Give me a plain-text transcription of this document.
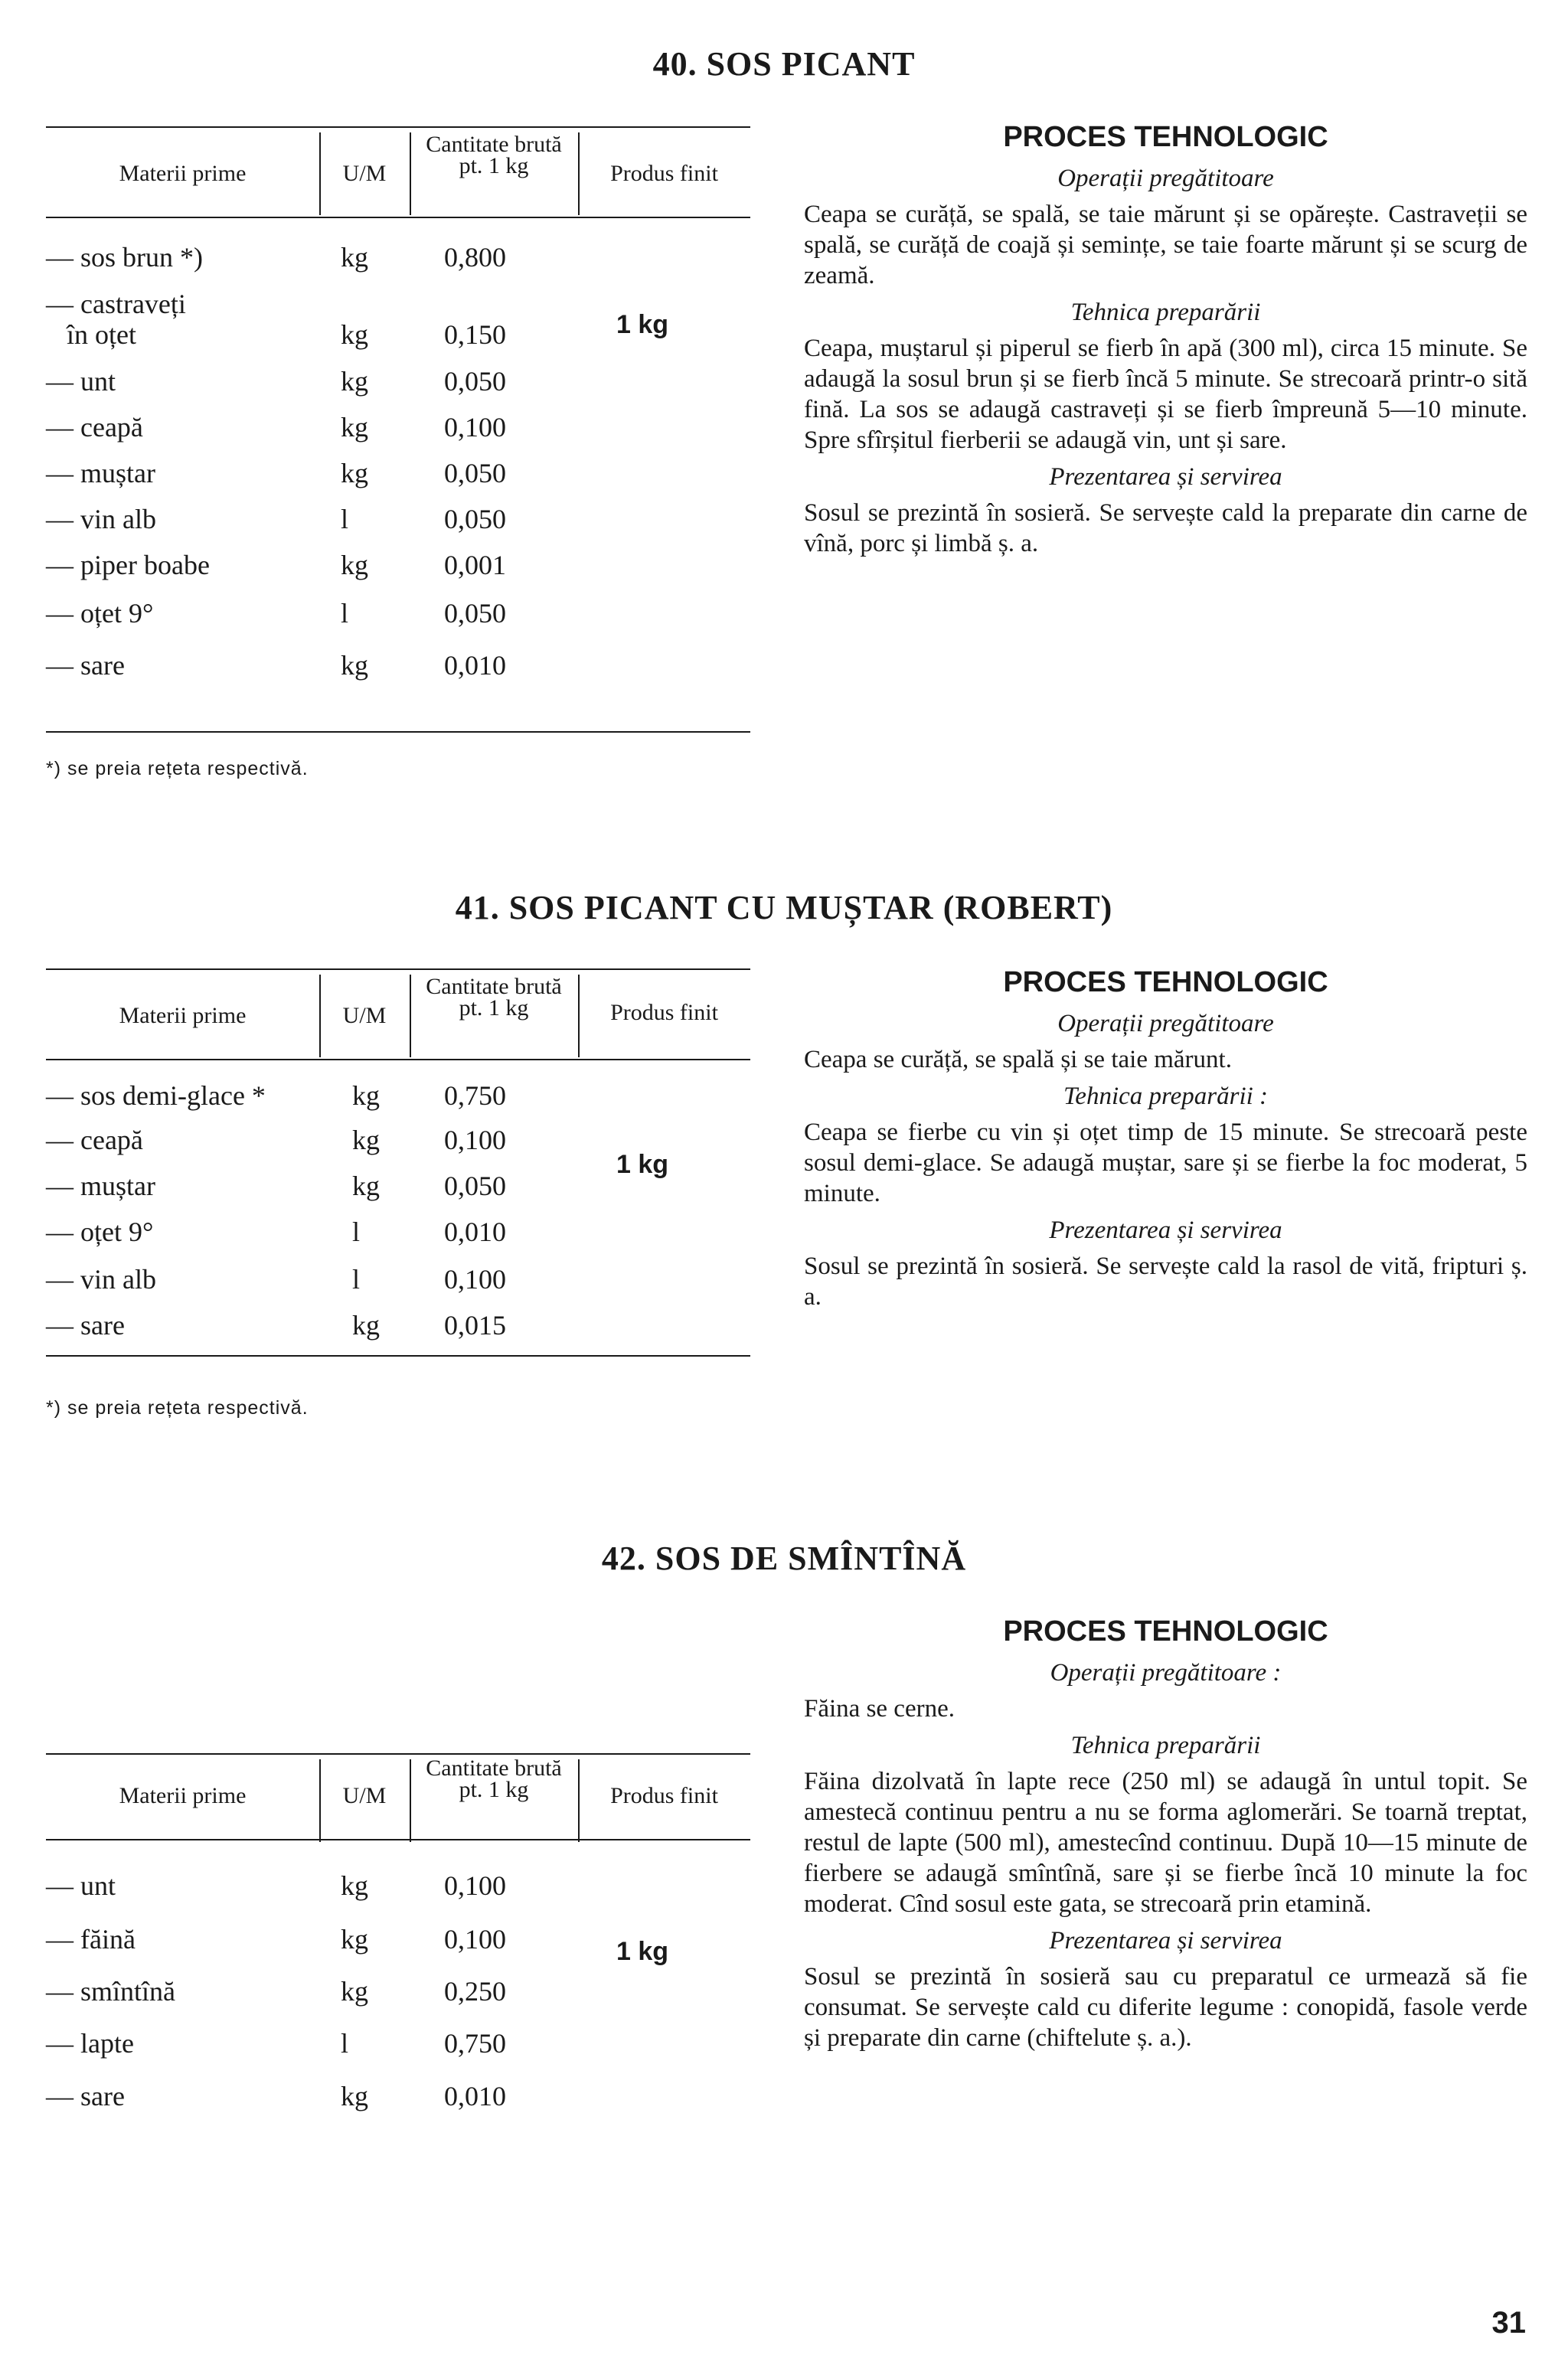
40. SOS PICANT
Materii prime	U/M
Cantitate brută pt. 1 kg	Produs finit
— sos brun *)	kg	0,800
— castraveți
în oțet	kg	0,150
— unt	kg	0,050
— ceapă	kg	0,100
— muștar	kg	0,050
— vin alb	l	0,050
— piper boabe	kg	0,001
— oțet 9°	l	0,050
— sare	kg	0,010
1 kg
*) se preia rețeta respectivă.
PROCES TEHNOLOGIC
Operații pregătitoare

Ceapa se curăță, se spală, se taie mărunt și se opărește. Castraveții se spală, se curăță de coajă și semințe, se taie foarte mărunt și se scurg de zeamă.

Tehnica preparării

Ceapa, muștarul și piperul se fierb în apă (300 ml), circa 15 minute. Se adaugă la sosul brun și se fierb încă 5 minute. Se strecoară printr-o sită fină. La sos se adaugă castraveți și se fierb împreună 5—10 minute. Spre sfîrșitul fierberii se adaugă vin, unt și sare.

Prezentarea și servirea

Sosul se prezintă în sosieră. Se servește cald la preparate din carne de vînă, porc și limbă ș. a.

41. SOS PICANT CU MUȘTAR (ROBERT)
Materii prime	U/M
Cantitate brută pt. 1 kg	Produs finit
— sos demi-glace *	kg 0,750
— ceapă	kg 0,100
— muștar	kg 0,050
— oțet 9°	l	0,010
— vin alb	l	0,100
— sare	kg 0,015
1 kg
*) se preia rețeta respectivă.
PROCES TEHNOLOGIC
Operații pregătitoare

Ceapa se curăță, se spală și se taie mărunt.

Tehnica preparării :

Ceapa se fierbe cu vin și oțet timp de 15 minute. Se strecoară peste sosul demi-glace. Se adaugă muștar, sare și se fierbe la foc moderat, 5 minute.

Prezentarea și servirea

Sosul se prezintă în sosieră. Se servește cald la rasol de vită, fripturi ș. a.

42. SOS DE SMÎNTÎNĂ
Materii prime	U/M
Cantitate brută pt. 1 kg	Produs finit
— unt	kg	0,100
— făină	kg	0,100
— smîntînă	kg	0,250
— lapte	l	0,750
— sare	kg	0,010
1 kg
PROCES TEHNOLOGIC
Operații pregătitoare :

Făina se cerne.

Tehnica preparării

Făina dizolvată în lapte rece (250 ml) se adaugă în untul topit. Se amestecă continuu pentru a nu se forma aglomerări. Se toarnă treptat, restul de lapte (500 ml), amestecînd continuu. După 10—15 minute de fierbere se adaugă smîntînă, sare și se fierbe încă 10 minute la foc moderat. Cînd sosul este gata, se strecoară prin etamină.

Prezentarea și servirea

Sosul se prezintă în sosieră sau cu preparatul ce urmează să fie consumat. Se servește cald cu diferite legume : conopidă, fasole verde și preparate din carne (chiftelute ș. a.).

31
